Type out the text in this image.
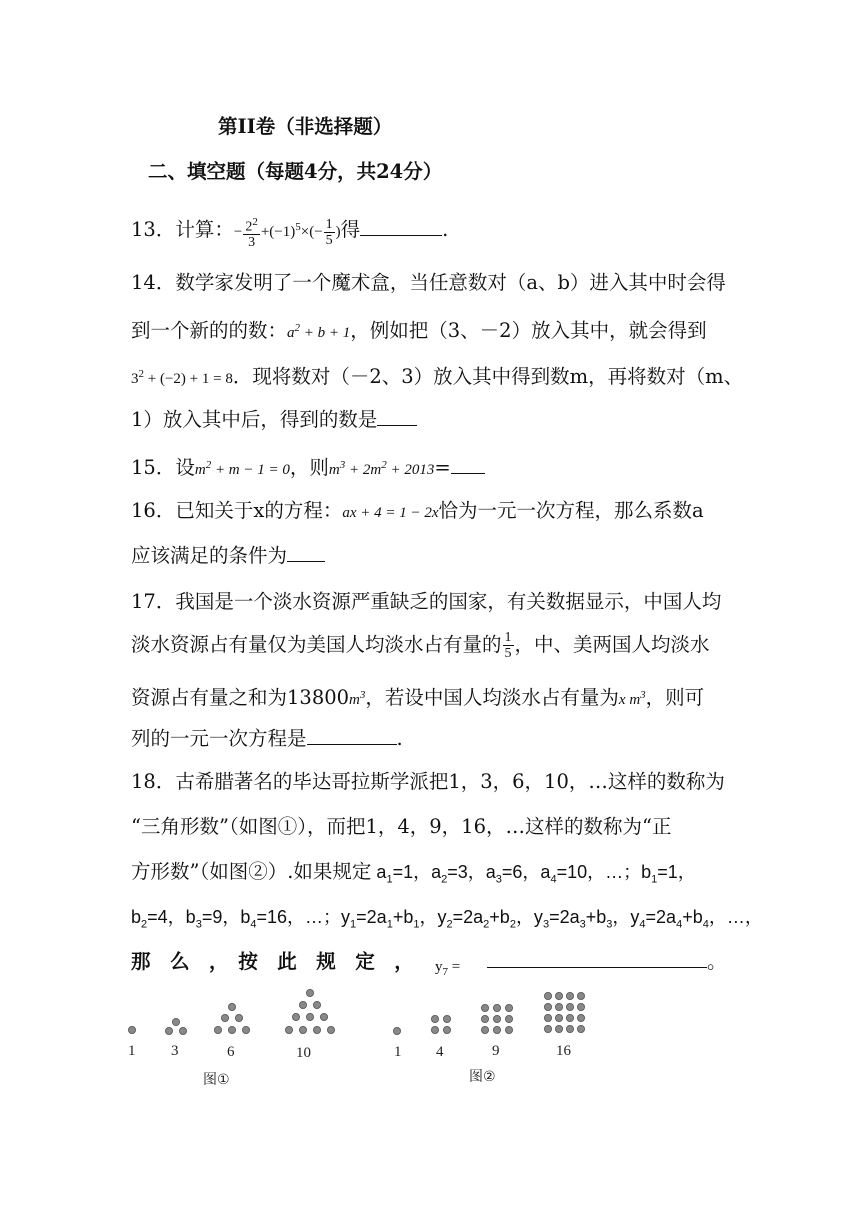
第II卷（非选择题）
二、填空题（每题4分，共24分）
13．计算：− $\frac{2^2}{3} +(-1)^5\times(- \frac{1}{5}$ )得	.
14．数学家发明了一个魔术盒，当任意数对（a、b）进入其中时会得
到一个新的的数：$a^2 + b + 1$，例如把（3、－2）放入其中，就会得到
$3^2 + (-2) + 1 = 8$．现将数对（－2、3）放入其中得到数m，再将数对（m、
1）放入其中后，得到的数是
15．设$m^2 + m - 1 = 0$，则$m^3 + 2m^2 + 2013=$
16．已知关于x的方程：ax + 4 = 1 − 2x恰为一元一次方程，那么系数a
应该满足的条件为
17．我国是一个淡水资源严重缺乏的国家，有关数据显示，中国人均
淡水资源占有量仅为美国人均淡水占有量的 $\frac{1}{5}$ ，中、美两国人均淡水
资源占有量之和为$13800m^3$，若设中国人均淡水占有量为x $m^3$，则可
列的一元一次方程是	.
18．古希腊著名的毕达哥拉斯学派把1，3，6，10，…这样的数称为
“三角形数”（如图①），而把1，4，9，16，…这样的数称为“正
方形数”（如图②）.如果规定 $a_1=1$，$a_2=3$，$a_3=6$，$a_4=10$，…；$b_1=1$，
$b_2=4$，$b_3=9$，$b_4=16$，…；$y_1=2a_1+b_1$，$y_2=2a_2+b_2$，$y_3=2a_3+b_3$，$y_4=2a_4+b_4$，…，
那　么　，　按　此　规　定　， $y_7$ =	。
1 3	6	10	1 4	9	16
图①	图②
